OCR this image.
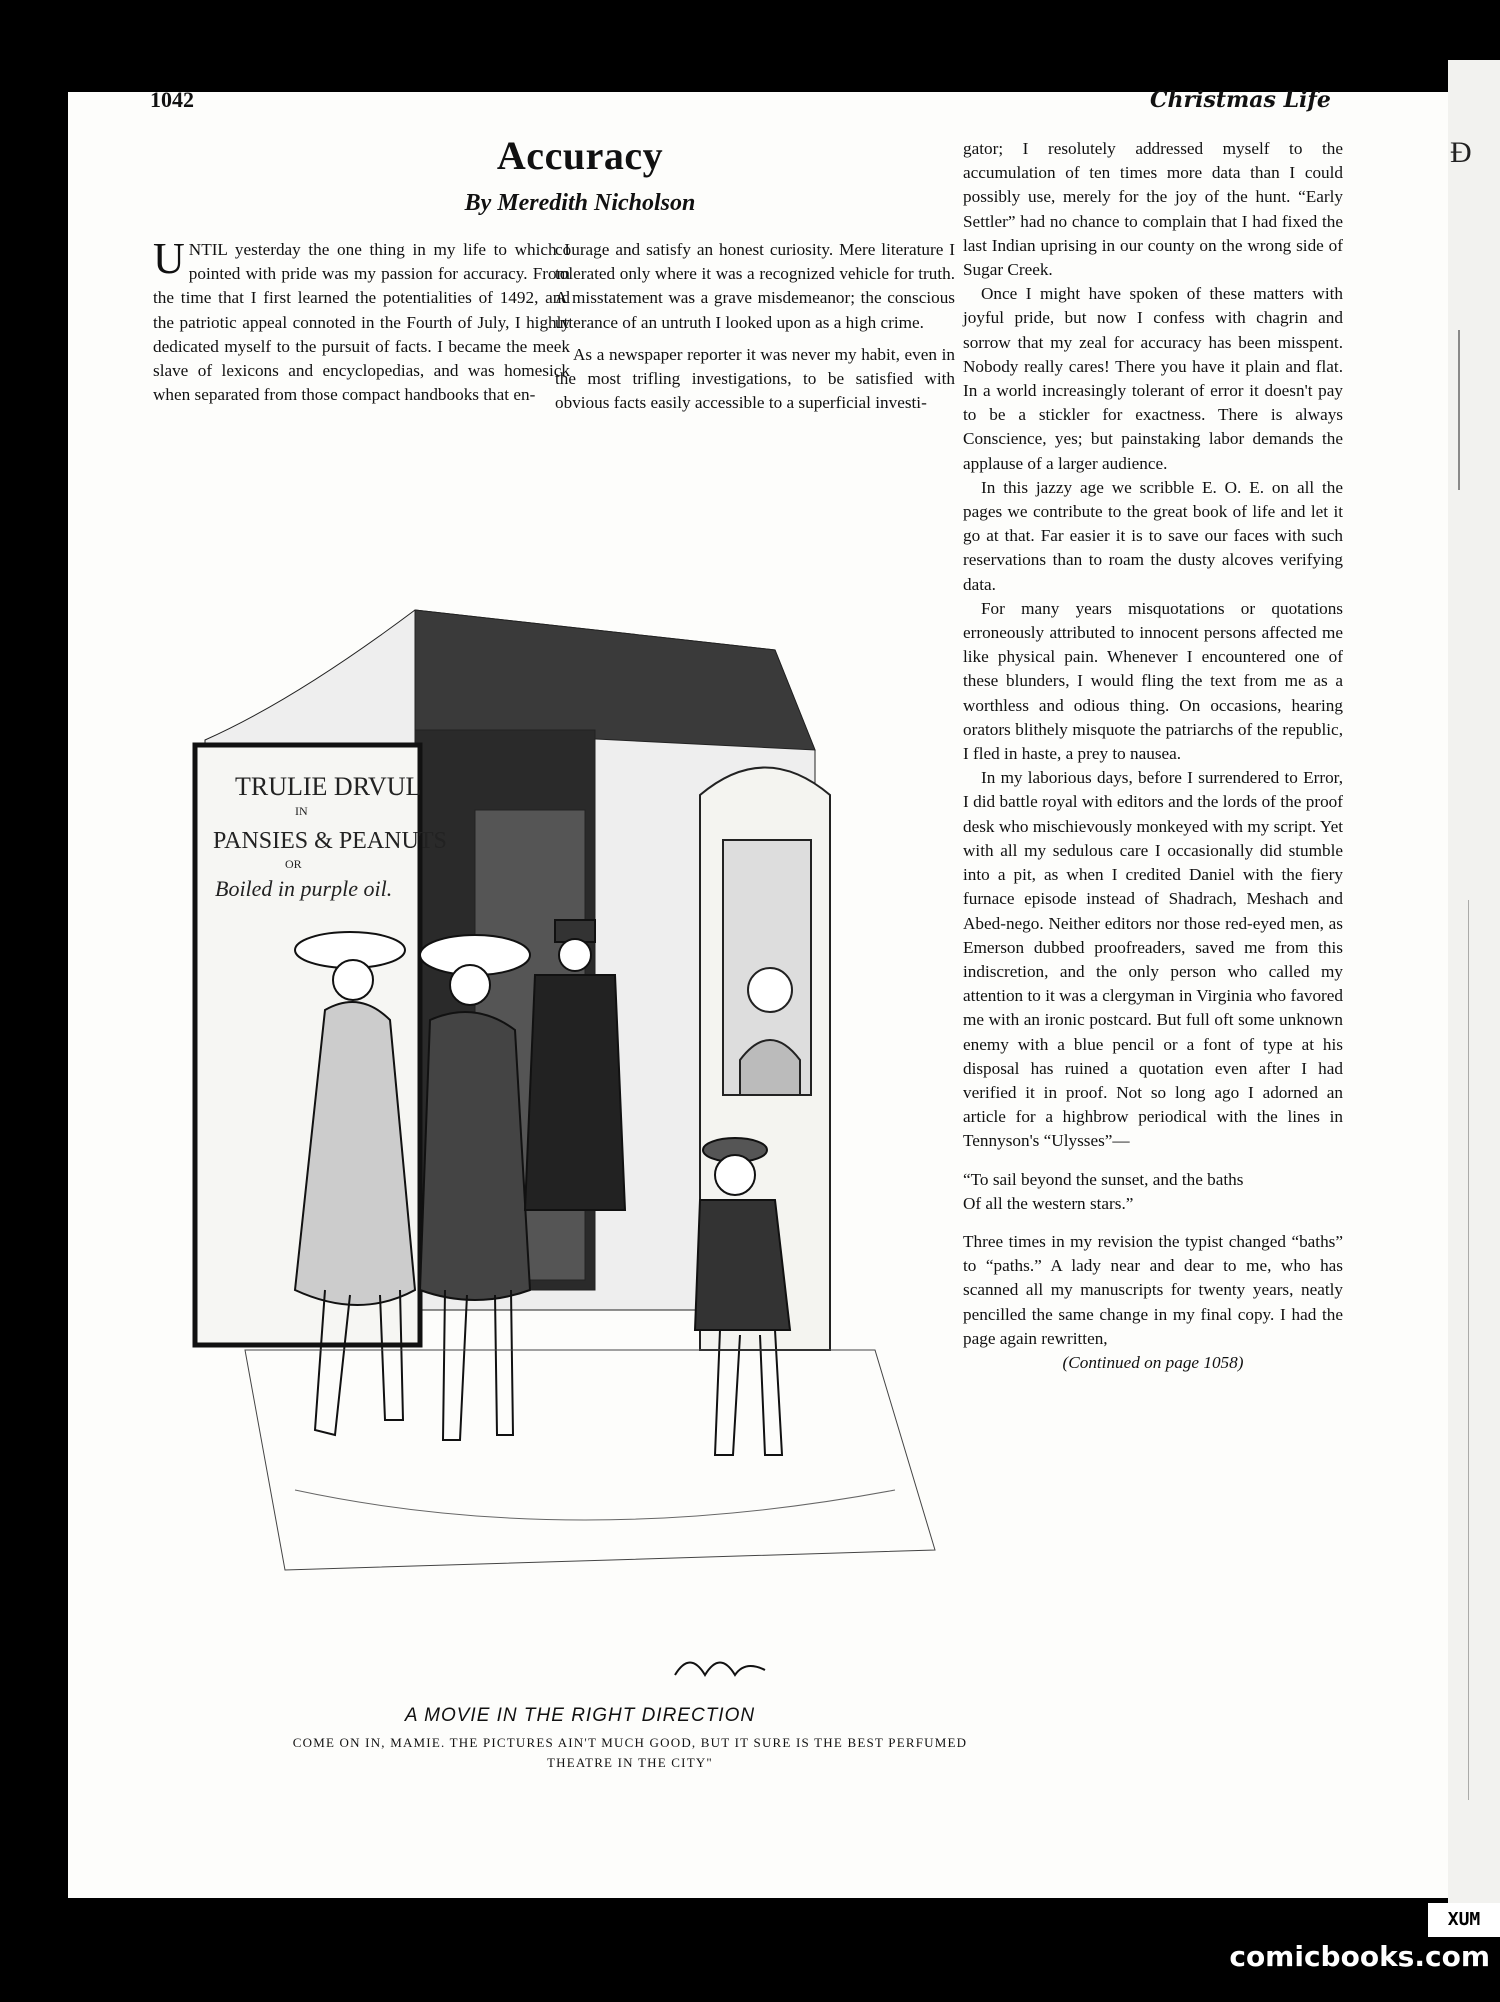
Ð
1042	Christmas Life
Accuracy
By Meredith Nicholson

UNTIL yesterday the one thing in my life to which I pointed with pride was my passion for accuracy. From the time that I first learned the potentialities of 1492, and the patriotic appeal connoted in the Fourth of July, I highly dedicated myself to the pursuit of facts. I became the meek slave of lexicons and encyclopedias, and was homesick when separated from those compact handbooks that en-

courage and satisfy an honest curiosity. Mere literature I tolerated only where it was a recognized vehicle for truth. A misstatement was a grave misdemeanor; the conscious utterance of an untruth I looked upon as a high crime.

As a newspaper reporter it was never my habit, even in the most trifling investigations, to be satisfied with obvious facts easily accessible to a superficial investi-

gator; I resolutely addressed myself to the accumulation of ten times more data than I could possibly use, merely for the joy of the hunt. “Early Settler” had no chance to complain that I had fixed the last Indian uprising in our county on the wrong side of Sugar Creek.

Once I might have spoken of these matters with joyful pride, but now I confess with chagrin and sorrow that my zeal for accuracy has been misspent. Nobody really cares! There you have it plain and flat. In a world increasingly tolerant of error it doesn't pay to be a stickler for exactness. There is always Conscience, yes; but painstaking labor demands the applause of a larger audience.

In this jazzy age we scribble E. O. E. on all the pages we contribute to the great book of life and let it go at that. Far easier it is to save our faces with such reservations than to roam the dusty alcoves verifying data.

For many years misquotations or quotations erroneously attributed to innocent persons affected me like physical pain. Whenever I encountered one of these blunders, I would fling the text from me as a worthless and odious thing. On occasions, hearing orators blithely misquote the patriarchs of the republic, I fled in haste, a prey to nausea.

In my laborious days, before I surrendered to Error, I did battle royal with editors and the lords of the proof desk who mischievously monkeyed with my script. Yet with all my sedulous care I occasionally did stumble into a pit, as when I credited Daniel with the fiery furnace episode instead of Shadrach, Meshach and Abed-nego. Neither editors nor those red-eyed men, as Emerson dubbed proofreaders, saved me from this indiscretion, and the only person who called my attention to it was a clergyman in Virginia who favored me with an ironic postcard. But full oft some unknown enemy with a blue pencil or a font of type at his disposal has ruined a quotation even after I had verified it in proof. Not so long ago I adorned an article for a highbrow periodical with the lines in Tennyson's “Ulysses”—

“To sail beyond the sunset, and the baths
Of all the western stars.”

Three times in my revision the typist changed “baths” to “paths.” A lady near and dear to me, who has scanned all my manuscripts for twenty years, neatly pencilled the same change in my final copy. I had the page again rewritten,

(Continued on page 1058)

TRULIE DRVUL
IN
PANSIES & PEANUTS
OR
Boiled in purple oil.
A MOVIE IN THE RIGHT DIRECTION
COME ON IN, MAMIE. THE PICTURES AIN'T MUCH GOOD, BUT IT SURE IS THE BEST PERFUMED THEATRE IN THE CITY"
XUM
comicbooks.com
